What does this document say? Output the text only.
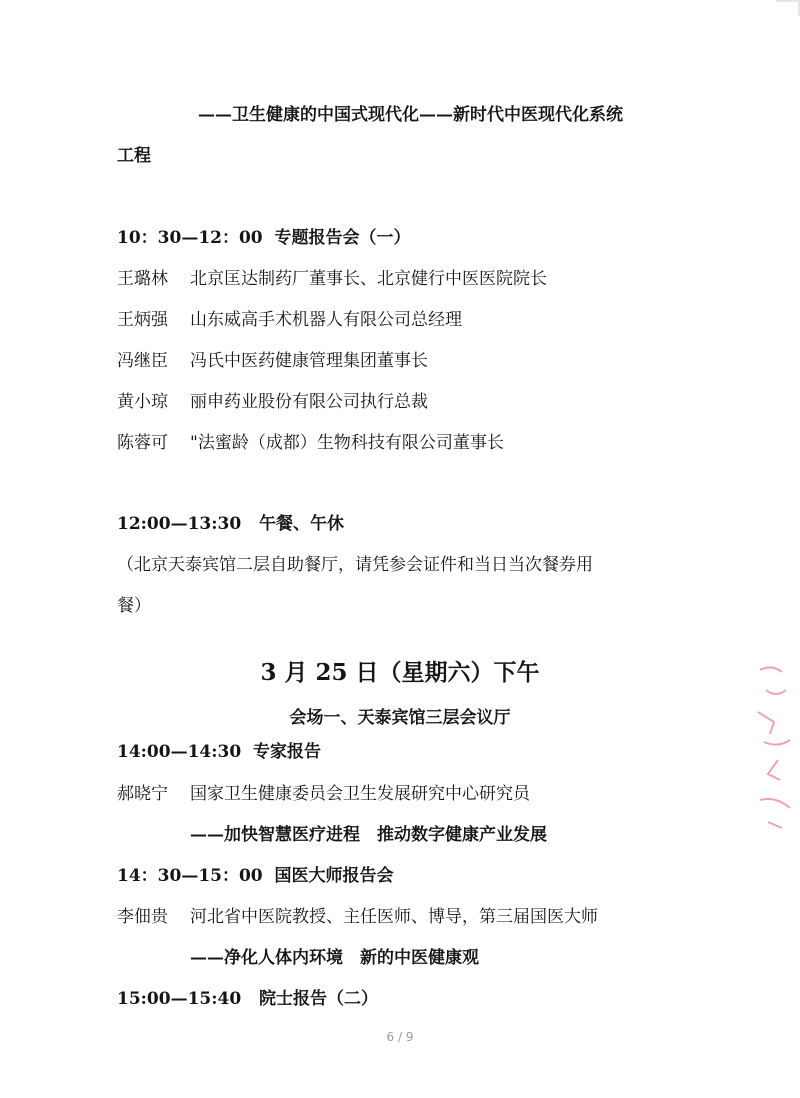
——卫生健康的中国式现代化——新时代中医现代化系统
工程
10：30—12：00 专题报告会（一）
王璐林 北京匡达制药厂董事长、北京健行中医医院院长
王炳强 山东威高手术机器人有限公司总经理
冯继臣 冯氏中医药健康管理集团董事长
黄小琼 丽申药业股份有限公司执行总裁
陈蓉可 "法蜜龄（成都）生物科技有限公司董事长
12:00—13:30 午餐、午休
（北京天泰宾馆二层自助餐厅，请凭参会证件和当日当次餐券用
餐）
3 月 25 日（星期六）下午
会场一、天泰宾馆三层会议厅
14:00—14:30 专家报告
郝晓宁 国家卫生健康委员会卫生发展研究中心研究员
——加快智慧医疗进程　推动数字健康产业发展
14：30—15：00 国医大师报告会
李佃贵 河北省中医院教授、主任医师、博导，第三届国医大师
——净化人体内环境　新的中医健康观
15:00—15:40 院士报告（二）
6 / 9
